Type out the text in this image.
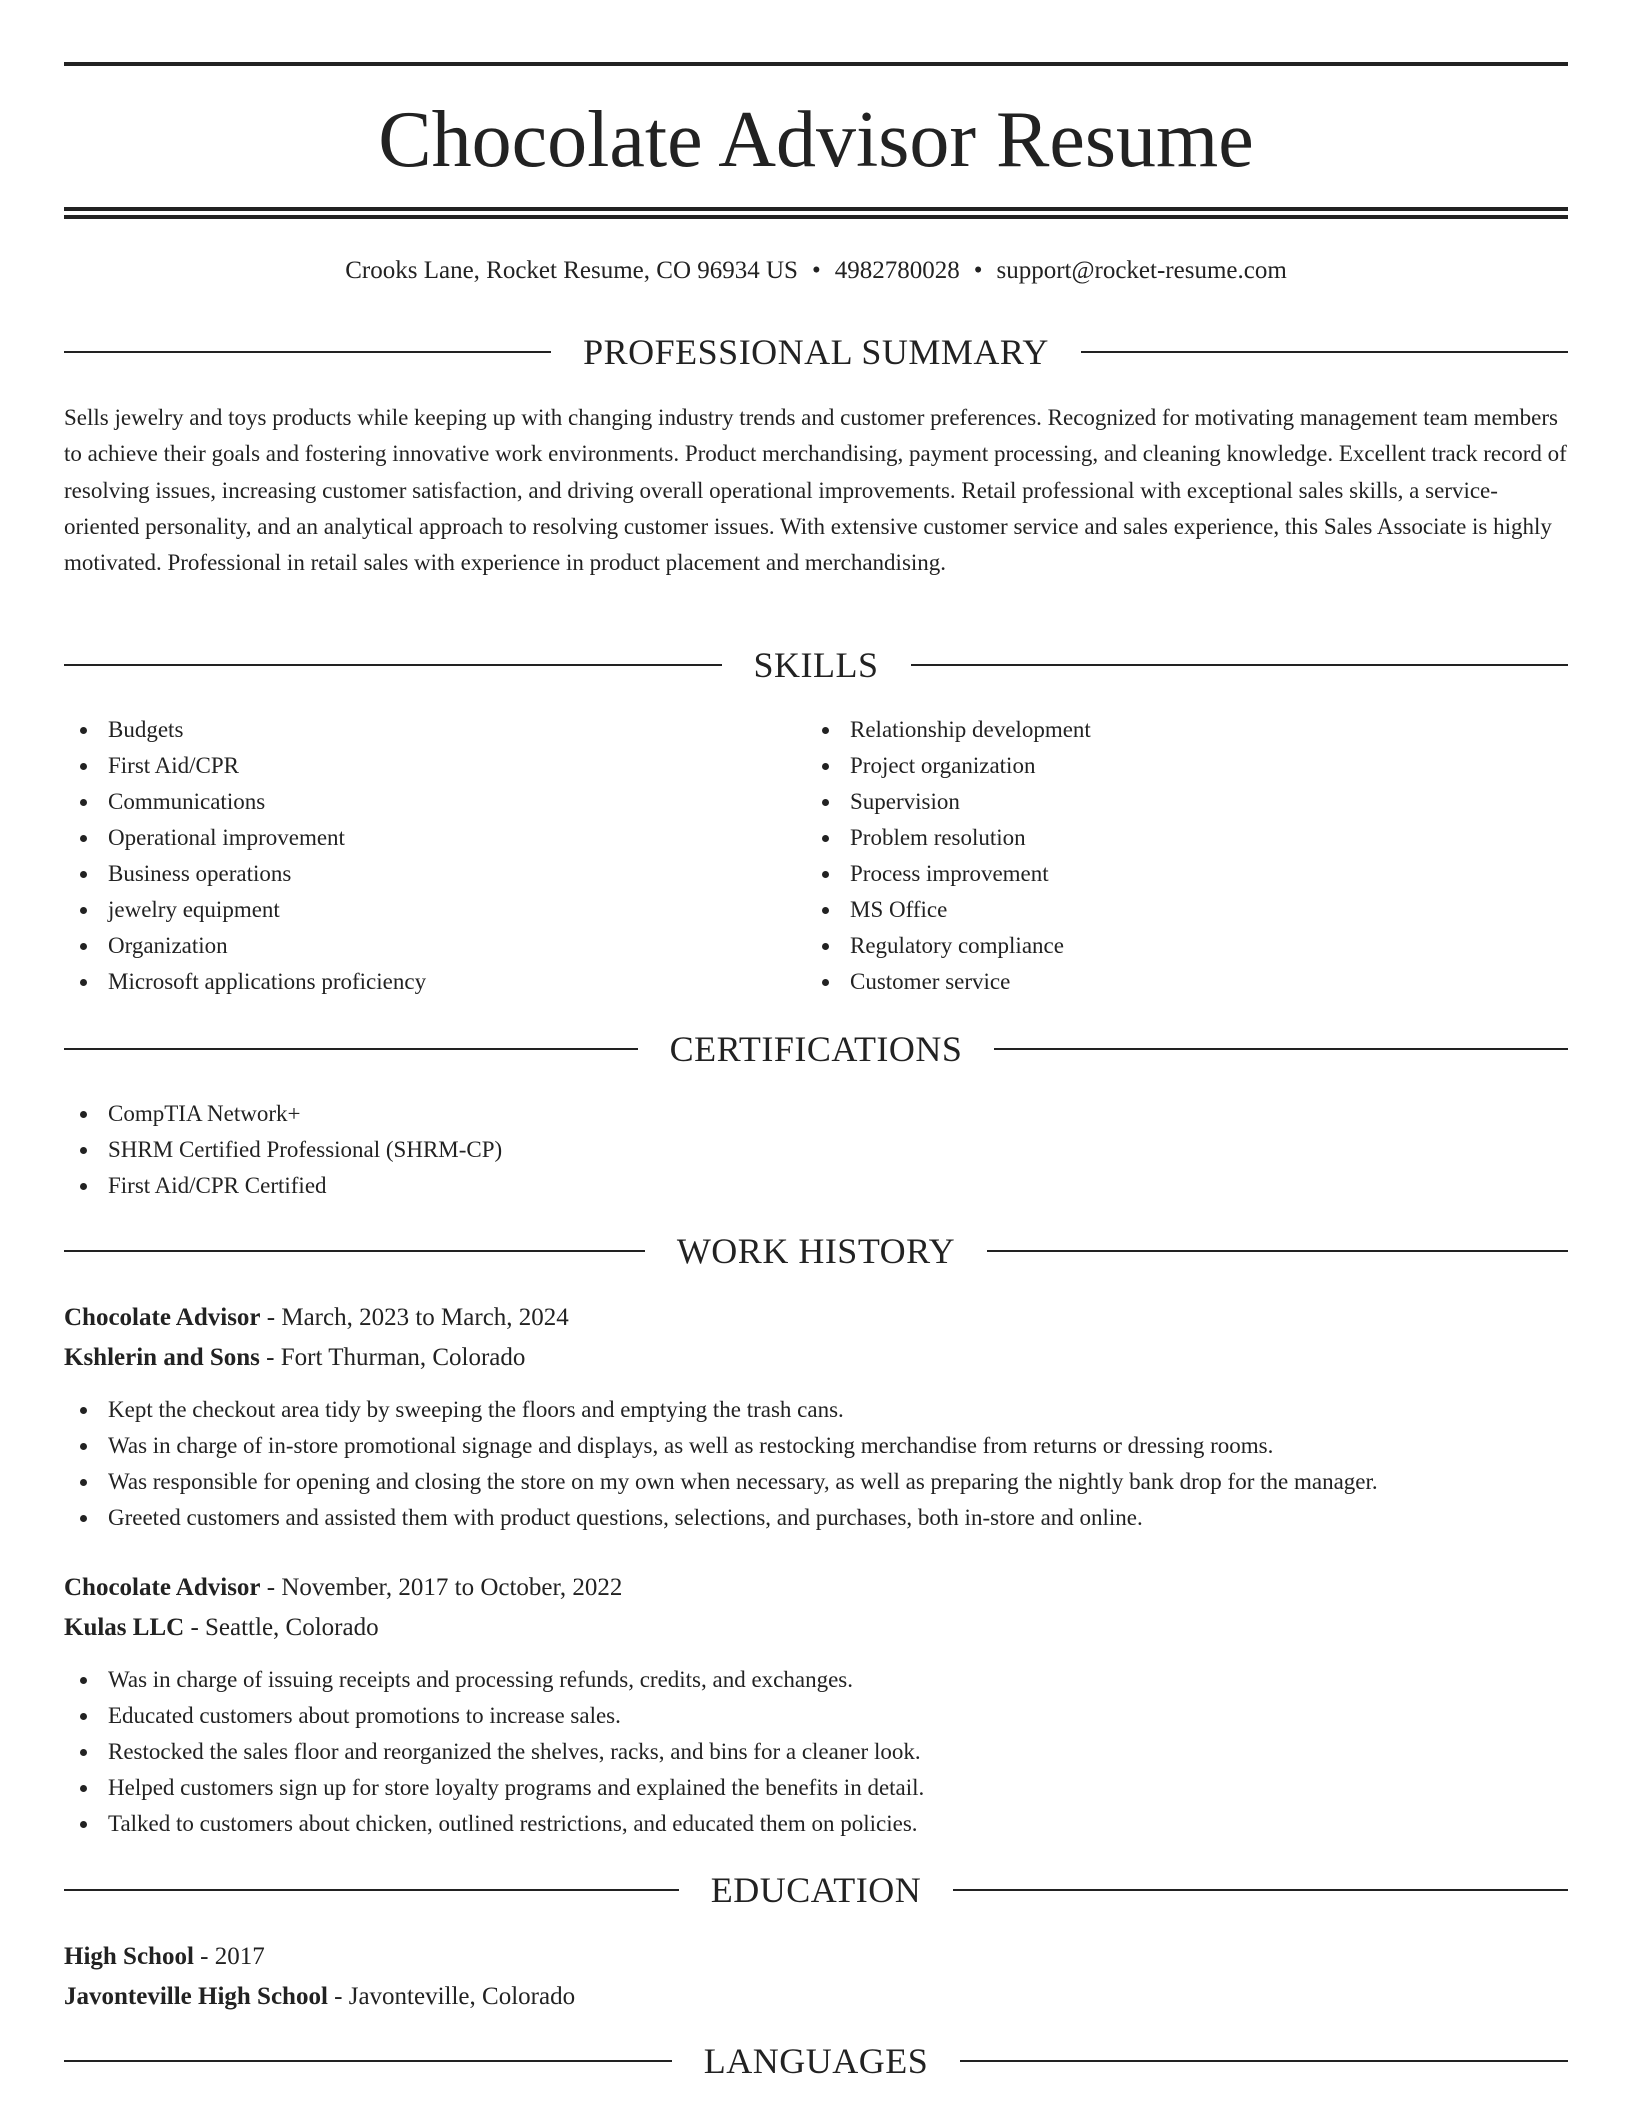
Chocolate Advisor Resume
Crooks Lane, Rocket Resume, CO 96934 US • 4982780028 • support@rocket-resume.com
PROFESSIONAL SUMMARY

Sells jewelry and toys products while keeping up with changing industry trends and customer preferences. Recognized for motivating management team members to achieve their goals and fostering innovative work environments. Product merchandising, payment processing, and cleaning knowledge. Excellent track record of resolving issues, increasing customer satisfaction, and driving overall operational improvements. Retail professional with exceptional sales skills, a service-oriented personality, and an analytical approach to resolving customer issues. With extensive customer service and sales experience, this Sales Associate is highly motivated. Professional in retail sales with experience in product placement and merchandising.

SKILLS
Budgets
First Aid/CPR
Communications
Operational improvement
Business operations
jewelry equipment
Organization
Microsoft applications proficiency
Relationship development
Project organization
Supervision
Problem resolution
Process improvement
MS Office
Regulatory compliance
Customer service
CERTIFICATIONS
CompTIA Network+
SHRM Certified Professional (SHRM-CP)
First Aid/CPR Certified
WORK HISTORY
Chocolate Advisor - March, 2023 to March, 2024
Kshlerin and Sons - Fort Thurman, Colorado
Kept the checkout area tidy by sweeping the floors and emptying the trash cans.
Was in charge of in-store promotional signage and displays, as well as restocking merchandise from returns or dressing rooms.
Was responsible for opening and closing the store on my own when necessary, as well as preparing the nightly bank drop for the manager.
Greeted customers and assisted them with product questions, selections, and purchases, both in-store and online.
Chocolate Advisor - November, 2017 to October, 2022
Kulas LLC - Seattle, Colorado
Was in charge of issuing receipts and processing refunds, credits, and exchanges.
Educated customers about promotions to increase sales.
Restocked the sales floor and reorganized the shelves, racks, and bins for a cleaner look.
Helped customers sign up for store loyalty programs and explained the benefits in detail.
Talked to customers about chicken, outlined restrictions, and educated them on policies.
EDUCATION
High School - 2017
Javonteville High School - Javonteville, Colorado
LANGUAGES
